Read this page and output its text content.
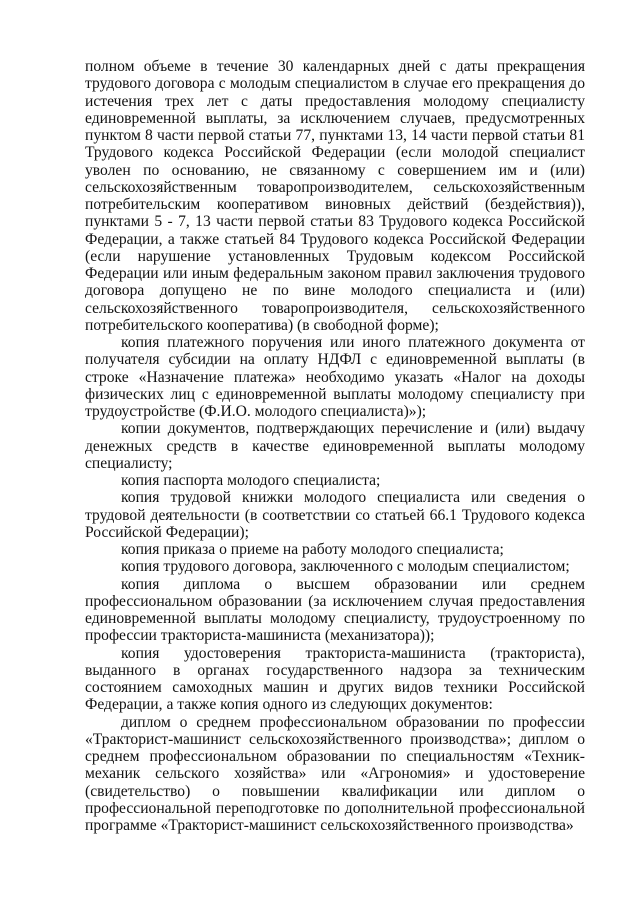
полном объеме в течение 30 календарных дней с даты прекращения трудового договора с молодым специалистом в случае его прекращения до истечения трех лет с даты предоставления молодому специалисту единовременной выплаты, за исключением случаев, предусмотренных пунктом 8 части первой статьи 77, пунктами 13, 14 части первой статьи 81 Трудового кодекса Российской Федерации (если молодой специалист уволен по основанию, не связанному с совершением им и (или) сельскохозяйственным товаропроизводителем, сельскохозяйственным потребительским кооперативом виновных действий (бездействия)), пунктами 5 - 7, 13 части первой статьи 83 Трудового кодекса Российской Федерации, а также статьей 84 Трудового кодекса Российской Федерации (если нарушение установленных Трудовым кодексом Российской Федерации или иным федеральным законом правил заключения трудового договора допущено не по вине молодого специалиста и (или) сельскохозяйственного товаропроизводителя, сельскохозяйственного потребительского кооператива) (в свободной форме);

копия платежного поручения или иного платежного документа от получателя субсидии на оплату НДФЛ с единовременной выплаты (в строке «Назначение платежа» необходимо указать «Налог на доходы физических лиц с единовременной выплаты молодому специалисту при трудоустройстве (Ф.И.О. молодого специалиста)»);

копии документов, подтверждающих перечисление и (или) выдачу денежных средств в качестве единовременной выплаты молодому специалисту;

копия паспорта молодого специалиста;

копия трудовой книжки молодого специалиста или сведения о трудовой деятельности (в соответствии со статьей 66.1 Трудового кодекса Российской Федерации);

копия приказа о приеме на работу молодого специалиста;

копия трудового договора, заключенного с молодым специалистом;

копия диплома о высшем образовании или среднем профессиональном образовании (за исключением случая предоставления единовременной выплаты молодому специалисту, трудоустроенному по профессии тракториста-машиниста (механизатора));

копия удостоверения тракториста-машиниста (тракториста), выданного в органах государственного надзора за техническим состоянием самоходных машин и других видов техники Российской Федерации, а также копия одного из следующих документов:

диплом о среднем профессиональном образовании по профессии «Тракторист-машинист сельскохозяйственного производства»; диплом о среднем профессиональном образовании по специальностям «Техник-механик сельского хозяйства» или «Агрономия» и удостоверение (свидетельство) о повышении квалификации или диплом о профессиональной переподготовке по дополнительной профессиональной программе «Тракторист-машинист сельскохозяйственного производства»
